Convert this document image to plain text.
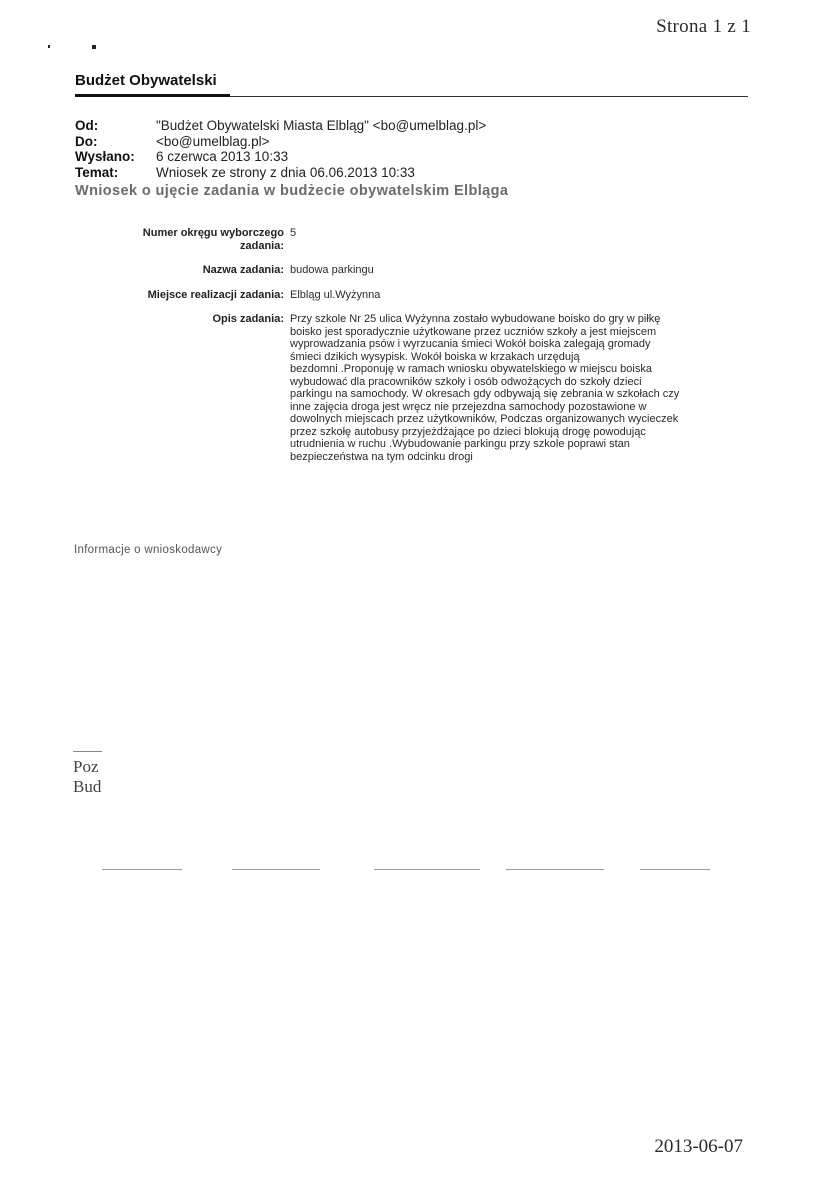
Strona 1 z 1
Budżet Obywatelski
Od:	"Budżet Obywatelski Miasta Elbląg" <bo@umelblag.pl>
Do:	<bo@umelblag.pl>
Wysłano:	6 czerwca 2013 10:33
Temat:	Wniosek ze strony z dnia 06.06.2013 10:33
Wniosek o ujęcie zadania w budżecie obywatelskim Elbląga
Numer okręgu wyborczego
zadania:
5
Nazwa zadania: budowa parkingu
Miejsce realizacji zadania: Elbląg ul.Wyżynna
Opis zadania: Przy szkole Nr 25 ulica Wyżynna zostało wybudowane boisko do gry w piłkę
boisko jest sporadycznie użytkowane przez uczniów szkoły a jest miejscem
wyprowadzania psów i wyrzucania śmieci Wokół boiska zalegają gromady
śmieci dzikich wysypisk. Wokół boiska w krzakach urzędują
bezdomni .Proponuję w ramach wniosku obywatelskiego w miejscu boiska
wybudować dla pracowników szkoły i osób odwożących do szkoły dzieci
parkingu na samochody. W okresach gdy odbywają się zebrania w szkołach czy
inne zajęcia droga jest wręcz nie przejezdna samochody pozostawione w
dowolnych miejscach przez użytkowników, Podczas organizowanych wycieczek
przez szkołę autobusy przyjeżdżające po dzieci blokują drogę powodując
utrudnienia w ruchu .Wybudowanie parkingu przy szkole poprawi stan
bezpieczeństwa na tym odcinku drogi
Informacje o wnioskodawcy
Poz
Bud
2013-06-07
